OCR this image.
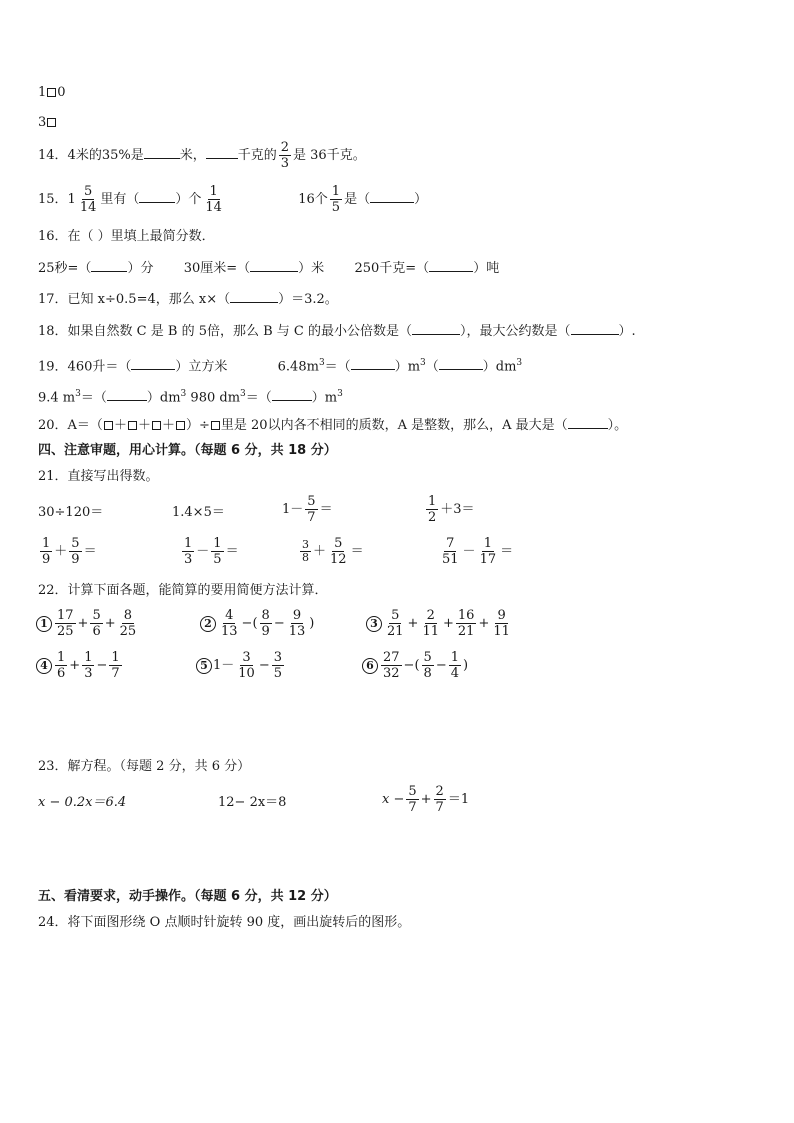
1 0
3
14．4米的35%是	米， 千克的 $\frac{2}{3}$ 是 36千克。
15．$1 \frac{5}{14}$ 里有（	）个 $\frac{1}{14}$	16个 $\frac{1}{5}$ 是（	）
16．在（ ）里填上最简分数．
25秒=（	）分 30厘米=（	）米 250千克=（	）吨
17．已知 x÷0.5=4，那么 x×（	）＝3.2。
18．如果自然数 C 是 B 的 5倍，那么 B 与 C 的最小公倍数是（	），最大公约数是（	）.
19．460升＝（	）立方米	$6.48m^3=$（	）$m^3$（	）$dm^3$
9.4 $m^3=$（	）$dm^3$ 980 $dm^3=$（	）$m^3$
20．A＝（ ＋ ＋ ＋ ）÷ 里是 20以内各不相同的质数，A 是整数，那么，A 最大是（	）。
四、注意审题，用心计算。（每题 6 分，共 18 分）
21．直接写出得数。
30÷120＝	1.4×5＝	$1- \frac{5}{7}$ ＝	$\frac{1}{2} +3=$
$\frac{1}{9} + \frac{5}{9}$ ＝	$\frac{1}{3} - \frac{1}{5}$ ＝	$\frac{3}{8} + \frac{5}{12}$ ＝	$\frac{7}{51} - \frac{1}{17}$ ＝
22．计算下面各题，能简算的要用简便方法计算．
$1 \frac{17}{25} + \frac{5}{6} + \frac{8}{25}$	$2 \frac{4}{13}$ −( $\frac{8}{9} - \frac{9}{13}$ )	$3 \frac{5}{21} + \frac{2}{11} + \frac{16}{21} + \frac{9}{11}$
$4 \frac{1}{6} + \frac{1}{3} - \frac{1}{7}$	5 $1- \frac{3}{10} - \frac{3}{5}$	$6 \frac{27}{32}$ −( $\frac{5}{8} - \frac{1}{4}$ )
23．解方程。（每题 2 分，共 6 分）
x − 0.2x＝6.4	12− 2x＝8	$x - \frac{5}{7} + \frac{2}{7} =1$
五、看清要求，动手操作。（每题 6 分，共 12 分）
24．将下面图形绕 O 点顺时针旋转 90 度，画出旋转后的图形。
